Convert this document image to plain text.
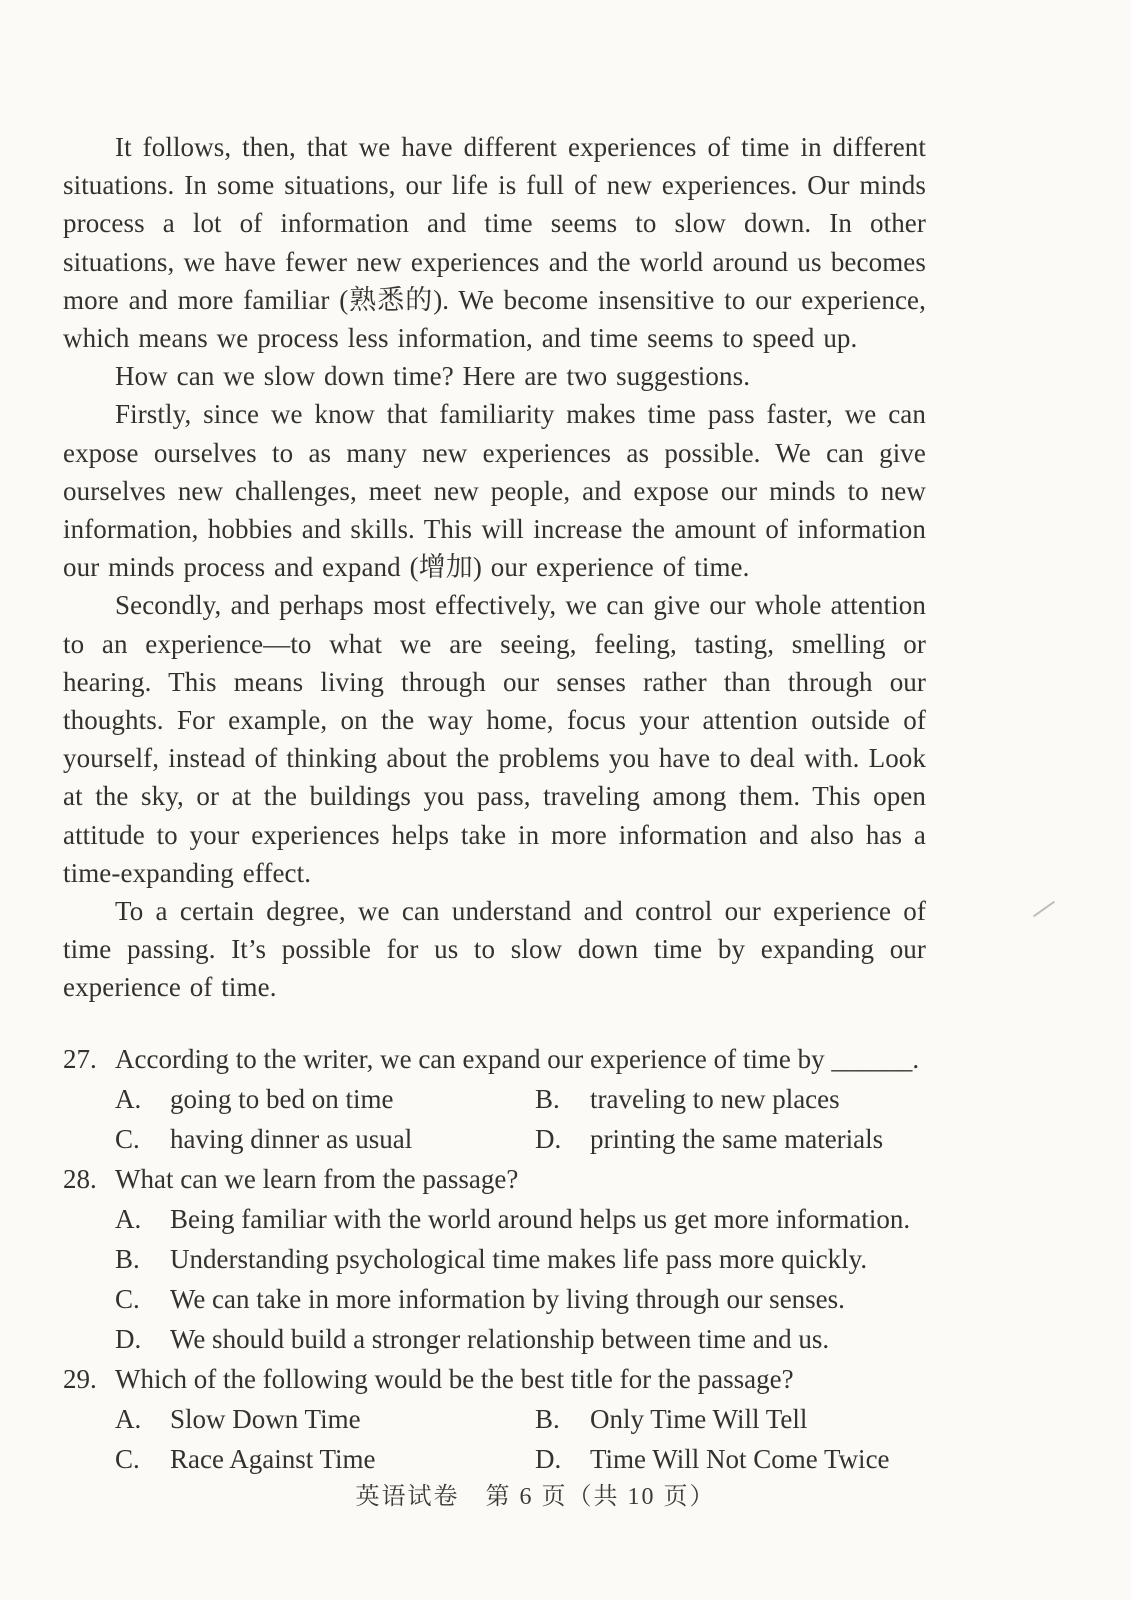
It follows, then, that we have different experiences of time in different situations. In some situations, our life is full of new experiences. Our minds process a lot of information and time seems to slow down. In other situations, we have fewer new experiences and the world around us becomes more and more familiar (熟悉的). We become insensitive to our experience, which means we process less information, and time seems to speed up.

How can we slow down time? Here are two suggestions.

Firstly, since we know that familiarity makes time pass faster, we can expose ourselves to as many new experiences as possible. We can give ourselves new challenges, meet new people, and expose our minds to new information, hobbies and skills. This will increase the amount of information our minds process and expand (增加) our experience of time.

Secondly, and perhaps most effectively, we can give our whole attention to an experience—to what we are seeing, feeling, tasting, smelling or hearing. This means living through our senses rather than through our thoughts. For example, on the way home, focus your attention outside of yourself, instead of thinking about the problems you have to deal with. Look at the sky, or at the buildings you pass, traveling among them. This open attitude to your experiences helps take in more information and also has a time-expanding effect.

To a certain degree, we can understand and control our experience of time passing. It’s possible for us to slow down time by expanding our experience of time.

27. According to the writer, we can expand our experience of time by ______.
A. going to bed on time	B. traveling to new places
C. having dinner as usual	D. printing the same materials
28. What can we learn from the passage?
A. Being familiar with the world around helps us get more information.
B. Understanding psychological time makes life pass more quickly.
C. We can take in more information by living through our senses.
D. We should build a stronger relationship between time and us.
29. Which of the following would be the best title for the passage?
A. Slow Down Time	B. Only Time Will Tell
C. Race Against Time	D. Time Will Not Come Twice
英语试卷　第 6 页（共 10 页）
